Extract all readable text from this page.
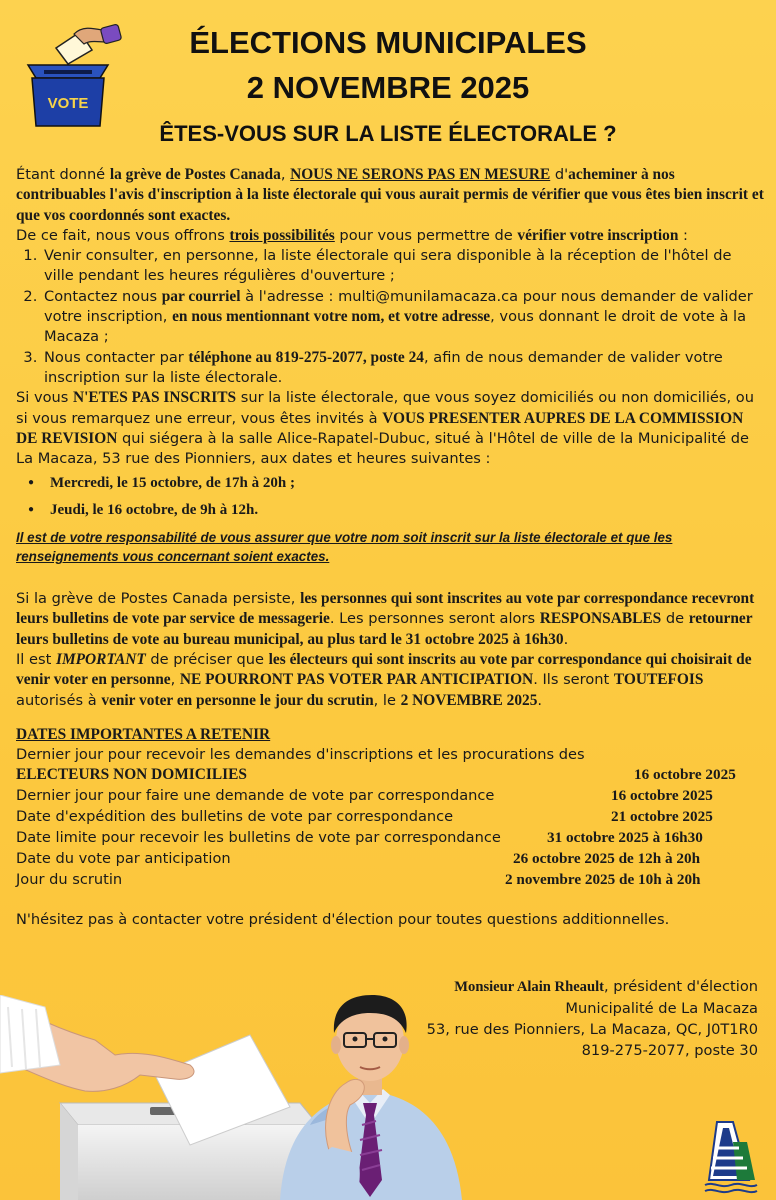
VOTE
ÉLECTIONS MUNICIPALES
2 NOVEMBRE 2025
ÊTES-VOUS SUR LA LISTE ÉLECTORALE ?

Étant donné la grève de Postes Canada, NOUS NE SERONS PAS EN MESURE d'acheminer à nos contribuables l'avis d'inscription à la liste électorale qui vous aurait permis de vérifier que vous êtes bien inscrit et que vos coordonnés sont exactes.

De ce fait, nous vous offrons trois possibilités pour vous permettre de vérifier votre inscription :

1. Venir consulter, en personne, la liste électorale qui sera disponible à la réception de l'hôtel de ville pendant les heures régulières d'ouverture ;
2. Contactez nous par courriel à l'adresse : multi@munilamacaza.ca pour nous demander de valider votre inscription, en nous mentionnant votre nom, et votre adresse, vous donnant le droit de vote à la Macaza ;
3. Nous contacter par téléphone au 819-275-2077, poste 24, afin de nous demander de valider votre inscription sur la liste électorale.

Si vous N'ETES PAS INSCRITS sur la liste électorale, que vous soyez domiciliés ou non domiciliés, ou si vous remarquez une erreur, vous êtes invités à VOUS PRESENTER AUPRES DE LA COMMISSION DE REVISION qui siégera à la salle Alice-Rapatel-Dubuc, situé à l'Hôtel de ville de la Municipalité de La Macaza, 53 rue des Pionniers, aux dates et heures suivantes :

● Mercredi, le 15 octobre, de 17h à 20h ;
● Jeudi, le 16 octobre, de 9h à 12h.

Il est de votre responsabilité de vous assurer que votre nom soit inscrit sur la liste électorale et que les renseignements vous concernant soient exactes.

Si la grève de Postes Canada persiste, les personnes qui sont inscrites au vote par correspondance recevront leurs bulletins de vote par service de messagerie. Les personnes seront alors RESPONSABLES de retourner leurs bulletins de vote au bureau municipal, au plus tard le 31 octobre 2025 à 16h30.

Il est IMPORTANT de préciser que les électeurs qui sont inscrits au vote par correspondance qui choisirait de venir voter en personne, NE POURRONT PAS VOTER PAR ANTICIPATION. Ils seront TOUTEFOIS autorisés à venir voter en personne le jour du scrutin, le 2 NOVEMBRE 2025.

DATES IMPORTANTES A RETENIR

Dernier jour pour recevoir les demandes d'inscriptions et les procurations des

ELECTEURS NON DOMICILIES	16 octobre 2025
Dernier jour pour faire une demande de vote par correspondance	16 octobre 2025
Date d'expédition des bulletins de vote par correspondance	21 octobre 2025
Date limite pour recevoir les bulletins de vote par correspondance	31 octobre 2025 à 16h30
Date du vote par anticipation	26 octobre 2025 de 12h à 20h
Jour du scrutin	2 novembre 2025 de 10h à 20h

N'hésitez pas à contacter votre président d'élection pour toutes questions additionnelles.

Monsieur Alain Rheault, président d'élection
Municipalité de La Macaza
53, rue des Pionniers, La Macaza, QC, J0T1R0
819-275-2077, poste 30
